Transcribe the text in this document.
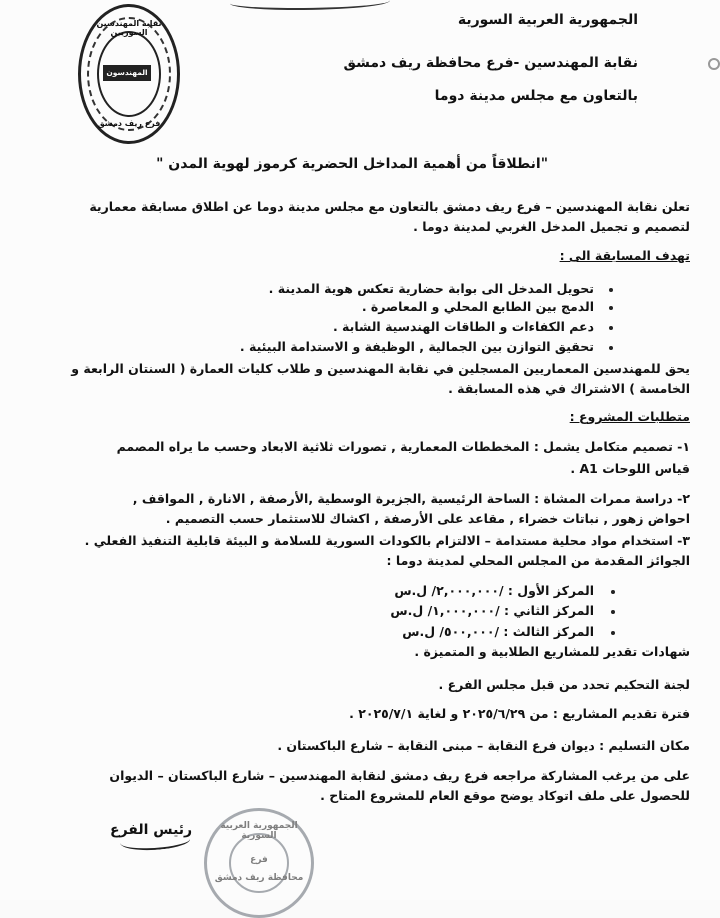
نقابة المهندسين السوريين
المهندسون
فرع ريف دمشق
الجمهورية العربية السورية
نقابة المهندسين -فرع محافظة ريف دمشق
بالتعاون مع مجلس مدينة دوما
"انطلاقاً من أهمية المداخل الحضرية كرموز لهوية المدن "
تعلن نقابة المهندسين – فرع ريف دمشق بالتعاون مع مجلس مدينة دوما عن اطلاق مسابقة معمارية
لتصميم و تجميل المدخل الغربي لمدينة دوما .
تهدف المسابقة الى :
تحويل المدخل الى بوابة حضارية تعكس هوية المدينة .
الدمج بين الطابع المحلي و المعاصرة .
دعم الكفاءات و الطاقات الهندسية الشابة .
تحقيق التوازن بين الجمالية , الوظيفة و الاستدامة البيئية .
يحق للمهندسين المعماريين المسجلين في نقابة المهندسين و طلاب كليات العمارة ( السنتان الرابعة و
الخامسة ) الاشتراك في هذه المسابقة .
متطلبات المشروع :
١- تصميم متكامل يشمل : المخططات المعمارية , تصورات ثلاثية الابعاد وحسب ما يراه المصمم
قياس اللوحات A1 .
٢- دراسة ممرات المشاة : الساحة الرئيسية ,الجزيرة الوسطية ,الأرصفة , الانارة , المواقف ,
احواض زهور , نباتات خضراء , مقاعد على الأرصفة , اكشاك للاستثمار حسب التصميم .
٣- استخدام مواد محلية مستدامة – الالتزام بالكودات السورية للسلامة و البيئة قابلية التنفيذ الفعلي .
الجوائز المقدمة من المجلس المحلي لمدينة دوما :
المركز الأول : /٢,٠٠٠,٠٠٠/ ل.س
المركز الثاني : /١,٠٠٠,٠٠٠/ ل.س
المركز الثالث : /٥٠٠,٠٠٠/ ل.س
شهادات تقدير للمشاريع الطلابية و المتميزة .
لجنة التحكيم تحدد من قبل مجلس الفرع .
فترة تقديم المشاريع : من ٢٠٢٥/٦/٢٩ و لغاية ٢٠٢٥/٧/١ .
مكان التسليم : ديوان فرع النقابة – مبنى النقابة – شارع الباكستان .
على من يرغب المشاركة مراجعه فرع ريف دمشق لنقابة المهندسين – شارع الباكستان – الديوان
للحصول على ملف اتوكاد يوضح موقع العام للمشروع المتاح .
رئيس الفرع	الجمهورية العربية السورية
فرع
محافظة ريف دمشق
